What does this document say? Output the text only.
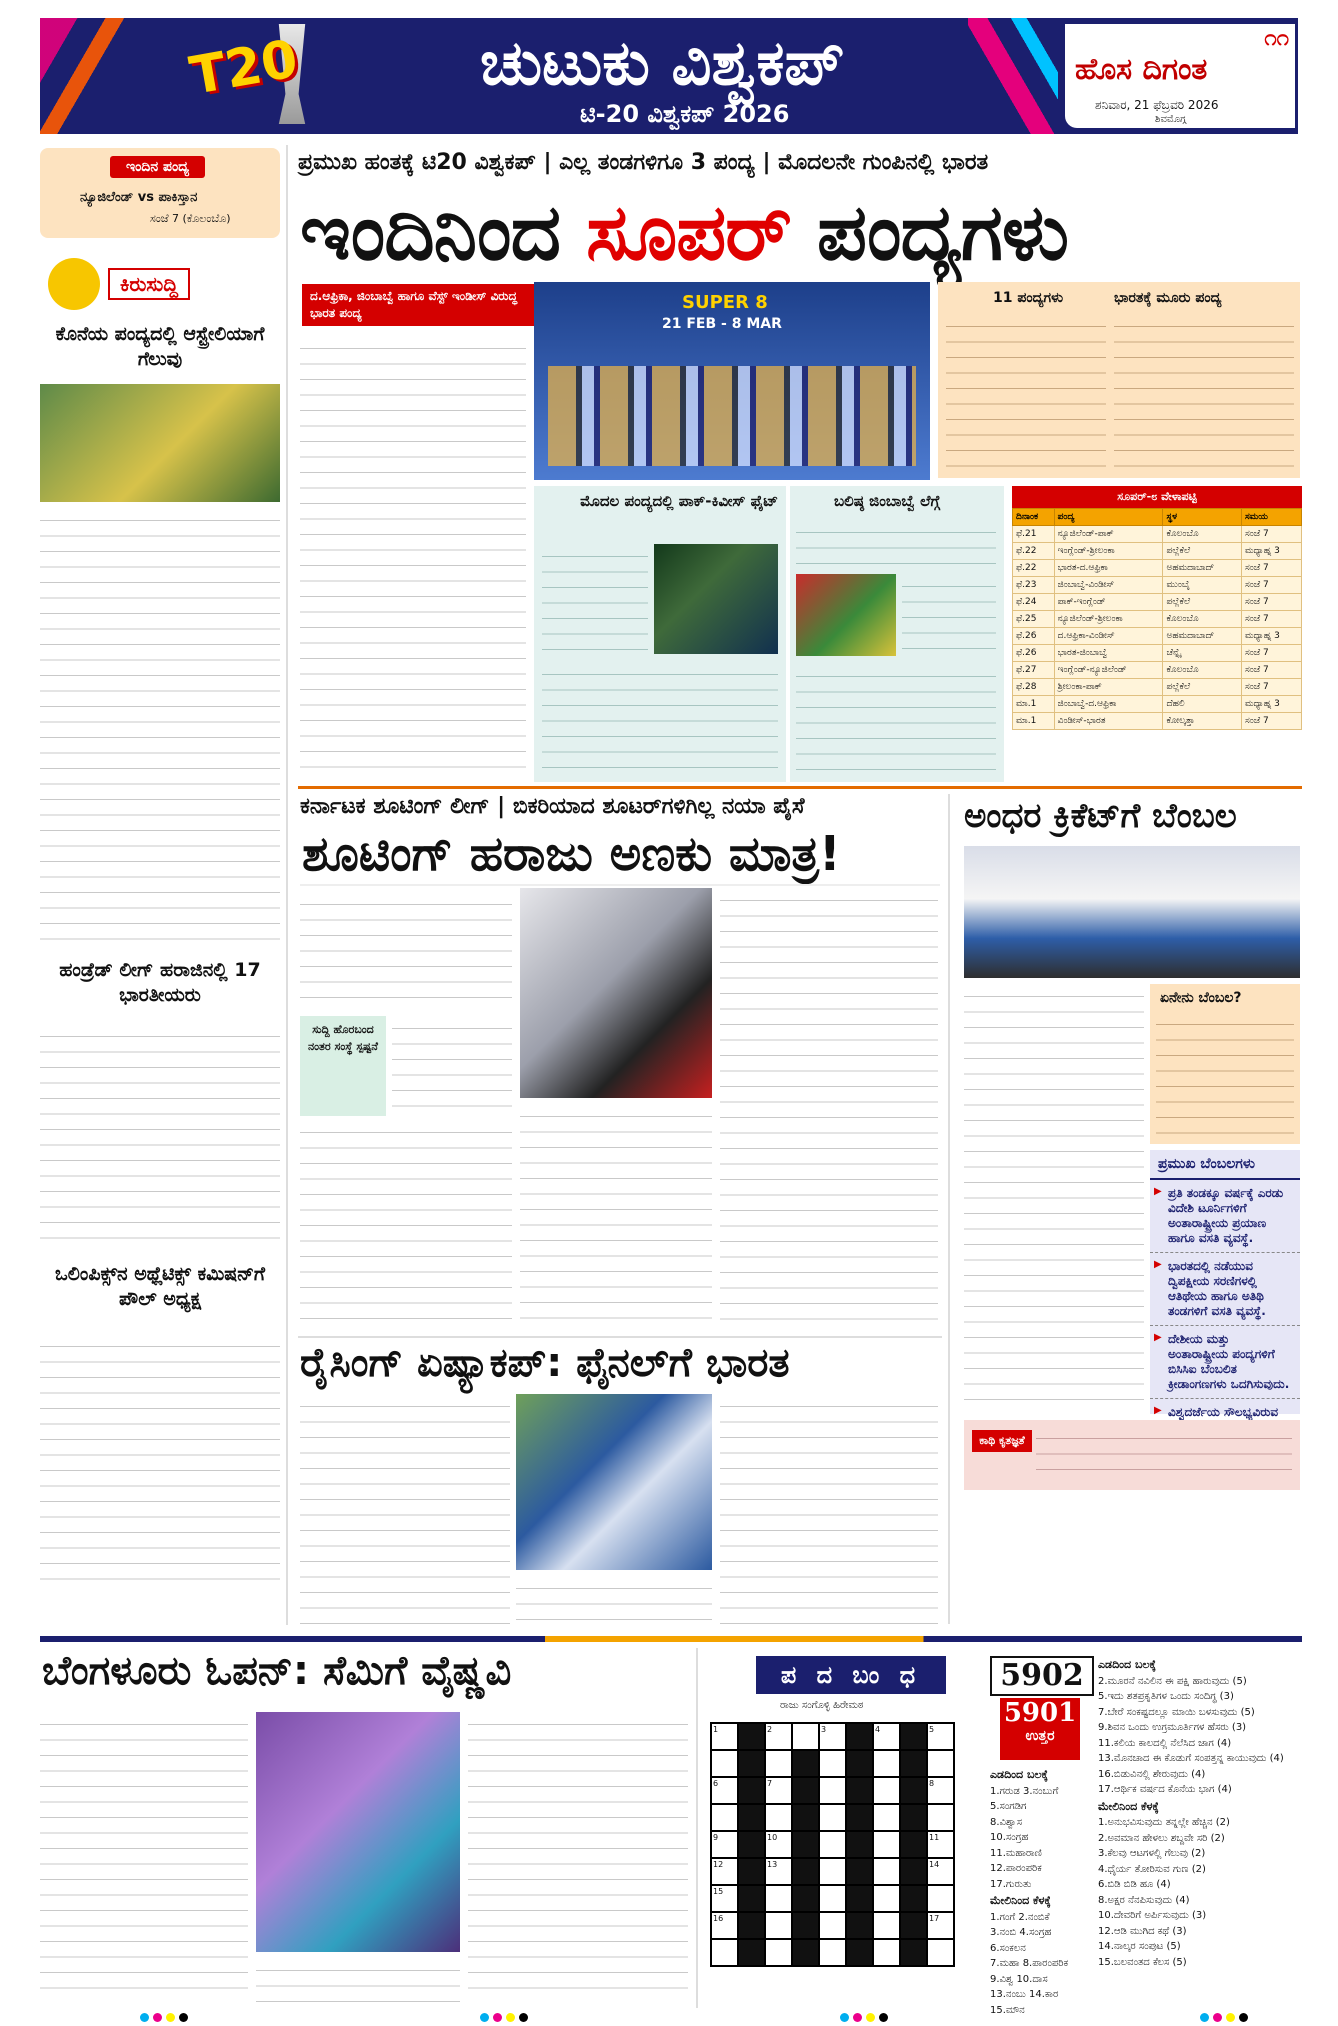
T20	ಚುಟುಕು ವಿಶ್ವಕಪ್
ಟಿ-20 ವಿಶ್ವಕಪ್ 2026
೧೧
ಹೊಸ ದಿಗಂತ
ಶನಿವಾರ, 21 ಫೆಬ್ರವರಿ 2026
ಶಿವಮೊಗ್ಗ
ಇಂದಿನ ಪಂದ್ಯ
ನ್ಯೂಜಿಲೆಂಡ್ vs ಪಾಕಿಸ್ತಾನ
ಸಂಜೆ 7 (ಕೊಲಂಬೊ)
ಕಿರುಸುದ್ದಿ
ಕೊನೆಯ ಪಂದ್ಯದಲ್ಲಿ ಆಸ್ಟ್ರೇಲಿಯಾಗೆ ಗೆಲುವು
ಹಂಡ್ರೆಡ್ ಲೀಗ್ ಹರಾಜಿನಲ್ಲಿ 17 ಭಾರತೀಯರು
ಒಲಿಂಪಿಕ್ಸ್‌ನ ಅಥ್ಲೆಟಿಕ್ಸ್ ಕಮಿಷನ್‌ಗೆ ಪೌಲ್ ಅಧ್ಯಕ್ಷ
ಪ್ರಮುಖ ಹಂತಕ್ಕೆ ಟಿ20 ವಿಶ್ವಕಪ್ | ಎಲ್ಲ ತಂಡಗಳಿಗೂ 3 ಪಂದ್ಯ | ಮೊದಲನೇ ಗುಂಪಿನಲ್ಲಿ ಭಾರತ
ಇಂದಿನಿಂದ ಸೂಪರ್ ಪಂದ್ಯಗಳು
ದ.ಆಫ್ರಿಕಾ, ಜಿಂಬಾಬ್ವೆ ಹಾಗೂ ವೆಸ್ಟ್ ಇಂಡೀಸ್ ವಿರುದ್ಧ ಭಾರತ ಪಂದ್ಯ	SUPER 8
21 FEB - 8 MAR
11 ಪಂದ್ಯಗಳು	ಭಾರತಕ್ಕೆ ಮೂರು ಪಂದ್ಯ
ಮೊದಲ ಪಂದ್ಯದಲ್ಲಿ ಪಾಕ್-ಕಿವೀಸ್ ಫೈಟ್	ಬಲಿಷ್ಠ ಜಿಂಬಾಬ್ವೆ ಲೆಗ್ಗೆ	ಸೂಪರ್-೮ ವೇಳಾಪಟ್ಟಿ
ದಿನಾಂಕ	ಪಂದ್ಯ	ಸ್ಥಳ	ಸಮಯ
ಫೆ.21	ನ್ಯೂಜಿಲೆಂಡ್-ಪಾಕ್	ಕೊಲಂಬೊ	ಸಂಜೆ 7
ಫೆ.22	ಇಂಗ್ಲೆಂಡ್-ಶ್ರೀಲಂಕಾ	ಪಲ್ಲೆಕೆಲೆ	ಮಧ್ಯಾಹ್ನ 3
ಫೆ.22	ಭಾರತ-ದ.ಆಫ್ರಿಕಾ	ಅಹಮದಾಬಾದ್	ಸಂಜೆ 7
ಫೆ.23	ಜಿಂಬಾಬ್ವೆ-ವಿಂಡೀಸ್	ಮುಂಬೈ	ಸಂಜೆ 7
ಫೆ.24	ಪಾಕ್-ಇಂಗ್ಲೆಂಡ್	ಪಲ್ಲೆಕೆಲೆ	ಸಂಜೆ 7
ಫೆ.25	ನ್ಯೂಜಿಲೆಂಡ್-ಶ್ರೀಲಂಕಾ	ಕೊಲಂಬೊ	ಸಂಜೆ 7
ಫೆ.26	ದ.ಆಫ್ರಿಕಾ-ವಿಂಡೀಸ್	ಅಹಮದಾಬಾದ್	ಮಧ್ಯಾಹ್ನ 3
ಫೆ.26	ಭಾರತ-ಜಿಂಬಾಬ್ವೆ	ಚೆನ್ನೈ	ಸಂಜೆ 7
ಫೆ.27	ಇಂಗ್ಲೆಂಡ್-ನ್ಯೂಜಿಲೆಂಡ್	ಕೊಲಂಬೊ	ಸಂಜೆ 7
ಫೆ.28	ಶ್ರೀಲಂಕಾ-ಪಾಕ್	ಪಲ್ಲೆಕೆಲೆ	ಸಂಜೆ 7
ಮಾ.1	ಜಿಂಬಾಬ್ವೆ-ದ.ಆಫ್ರಿಕಾ	ದೆಹಲಿ	ಮಧ್ಯಾಹ್ನ 3
ಮಾ.1	ವಿಂಡೀಸ್-ಭಾರತ	ಕೋಲ್ಕತ್ತಾ	ಸಂಜೆ 7
ಕರ್ನಾಟಕ ಶೂಟಿಂಗ್ ಲೀಗ್ | ಬಿಕರಿಯಾದ ಶೂಟರ್‌ಗಳಿಗಿಲ್ಲ ನಯಾ ಪೈಸೆ
ಶೂಟಿಂಗ್ ಹರಾಜು ಅಣಕು ಮಾತ್ರ!
ಸುದ್ದಿ ಹೊರಬಂದ ನಂತರ ಸಂಸ್ಥೆ ಸ್ಪಷ್ಟನೆ
ಅಂಧರ ಕ್ರಿಕೆಟ್‌ಗೆ ಬೆಂಬಲ
ಏನೇನು ಬೆಂಬಲ?
ಪ್ರಮುಖ ಬೆಂಬಲಗಳು
▶ ಪ್ರತಿ ತಂಡಕ್ಕೂ ವರ್ಷಕ್ಕೆ ಎರಡು ವಿದೇಶಿ ಟೂರ್ನಿಗಳಿಗೆ ಅಂತಾರಾಷ್ಟ್ರೀಯ ಪ್ರಯಾಣ ಹಾಗೂ ವಸತಿ ವ್ಯವಸ್ಥೆ.
▶ ಭಾರತದಲ್ಲಿ ನಡೆಯುವ ದ್ವಿಪಕ್ಷೀಯ ಸರಣಿಗಳಲ್ಲಿ ಆತಿಥೇಯ ಹಾಗೂ ಅತಿಥಿ ತಂಡಗಳಿಗೆ ವಸತಿ ವ್ಯವಸ್ಥೆ.
▶ ದೇಶೀಯ ಮತ್ತು ಅಂತಾರಾಷ್ಟ್ರೀಯ ಪಂದ್ಯಗಳಿಗೆ ಬಿಸಿಸಿಐ ಬೆಂಬಲಿತ ಕ್ರೀಡಾಂಗಣಗಳು ಒದಗಿಸುವುದು.
▶ ವಿಶ್ವದರ್ಜೆಯ ಸೌಲಭ್ಯವಿರುವ
ಕಾಥಿ ಕೃತಜ್ಞತೆ
ರೈಸಿಂಗ್ ಏಷ್ಯಾಕಪ್: ಫೈನಲ್‌ಗೆ ಭಾರತ
ಬೆಂಗಳೂರು ಓಪನ್: ಸೆಮಿಗೆ ವೈಷ್ಣವಿ	ಪ ದ ಬಂ ಧ
ರಾಜು ಸಂಗೊಳ್ಳಿ ಹಿರೇಮಠ
1	2	3	4	5
6	7	8
9	10	11
12	13	14
15
16	17
5902
5901
ಉತ್ತರ
ಎಡದಿಂದ ಬಲಕ್ಕೆ
1.ಗರುಡ 3.ನಂಬುಗೆ
5.ಸಂಗಡಿಗ
8.ವಿಶ್ವಾಸ
10.ಸಂಗ್ರಹ
11.ಮಹಾರಾಣಿ
12.ಪಾರಂಪರಿಕ
17.ಗುರುತು
ಮೇಲಿನಿಂದ ಕೆಳಕ್ಕೆ
1.ಗಂಗೆ 2.ನಂಬಿಕೆ
3.ನಂಬಿ 4.ಸಂಗ್ರಹ
6.ಸಂಕಲನ
7.ಮಹಾ 8.ಪಾರಂಪರಿಕ
9.ವಿಶ್ವ 10.ದಾಸ
13.ನಂಬು 14.ಕಾರ
15.ಮೌನ
ಎಡದಿಂದ ಬಲಕ್ಕೆ
2.ಮೂರನೆ ನವಿಲಿನ ಈ ಪಕ್ಷಿ ಹಾರುವುದು (5)
5.ಇದು ಶತಪ್ರಕೃತಿಗಳ ಒಂದು ಸಂದಿಗ್ಧ (3)
7.ಬೇರೆ ಸಂಕಷ್ಟದಲ್ಲೂ ಮಾಯಿ ಬಳಸುವುದು (5)
9.ಶಿವನ ಒಂದು ಉಗ್ರಮೂರ್ತಿಗಳ ಹೆಸರು (3)
11.ಕಲಿಯ ಕಾಲದಲ್ಲಿ ನೆಲೆಸಿದ ಜಾಗ (4)
13.ಮೊನಚಾದ ಈ ಕೊಡುಗೆ ಸಂಪತ್ತನ್ನ ಕಾಯುವುದು (4)
16.ಬಿಡುವಿನಲ್ಲಿ ಶೇರುವುದು (4)
17.ಆರ್ಥಿಕ ವರ್ಷದ ಕೊನೆಯ ಭಾಗ (4)
ಮೇಲಿನಿಂದ ಕೆಳಕ್ಕೆ
1.ಅನುಭವಿಸುವುದು ತನ್ನಲ್ಲೇ ಹೆಚ್ಚಿನ (2)
2.ಅವಮಾನ ಹೇಳಲು ಶಬ್ದವೇ ಸರಿ (2)
3.ಕೆಲವು ಆಟಗಳಲ್ಲಿ ಗೆಲುವು (2)
4.ಧೈರ್ಯ ತೋರಿಸುವ ಗುಣ (2)
6.ಬಿಡಿ ಬಿಡಿ ಹೂ (4)
8.ಅಕ್ಷರ ನೆನಪಿಸುವುದು (4)
10.ದೇವರಿಗೆ ಅರ್ಪಿಸುವುದು (3)
12.ಆಡಿ ಮುಗಿದ ಕಥೆ (3)
14.ನಾಲ್ಕರ ಸಂಪುಟ (5)
15.ಬಲವಂತದ ಕೆಲಸ (5)
